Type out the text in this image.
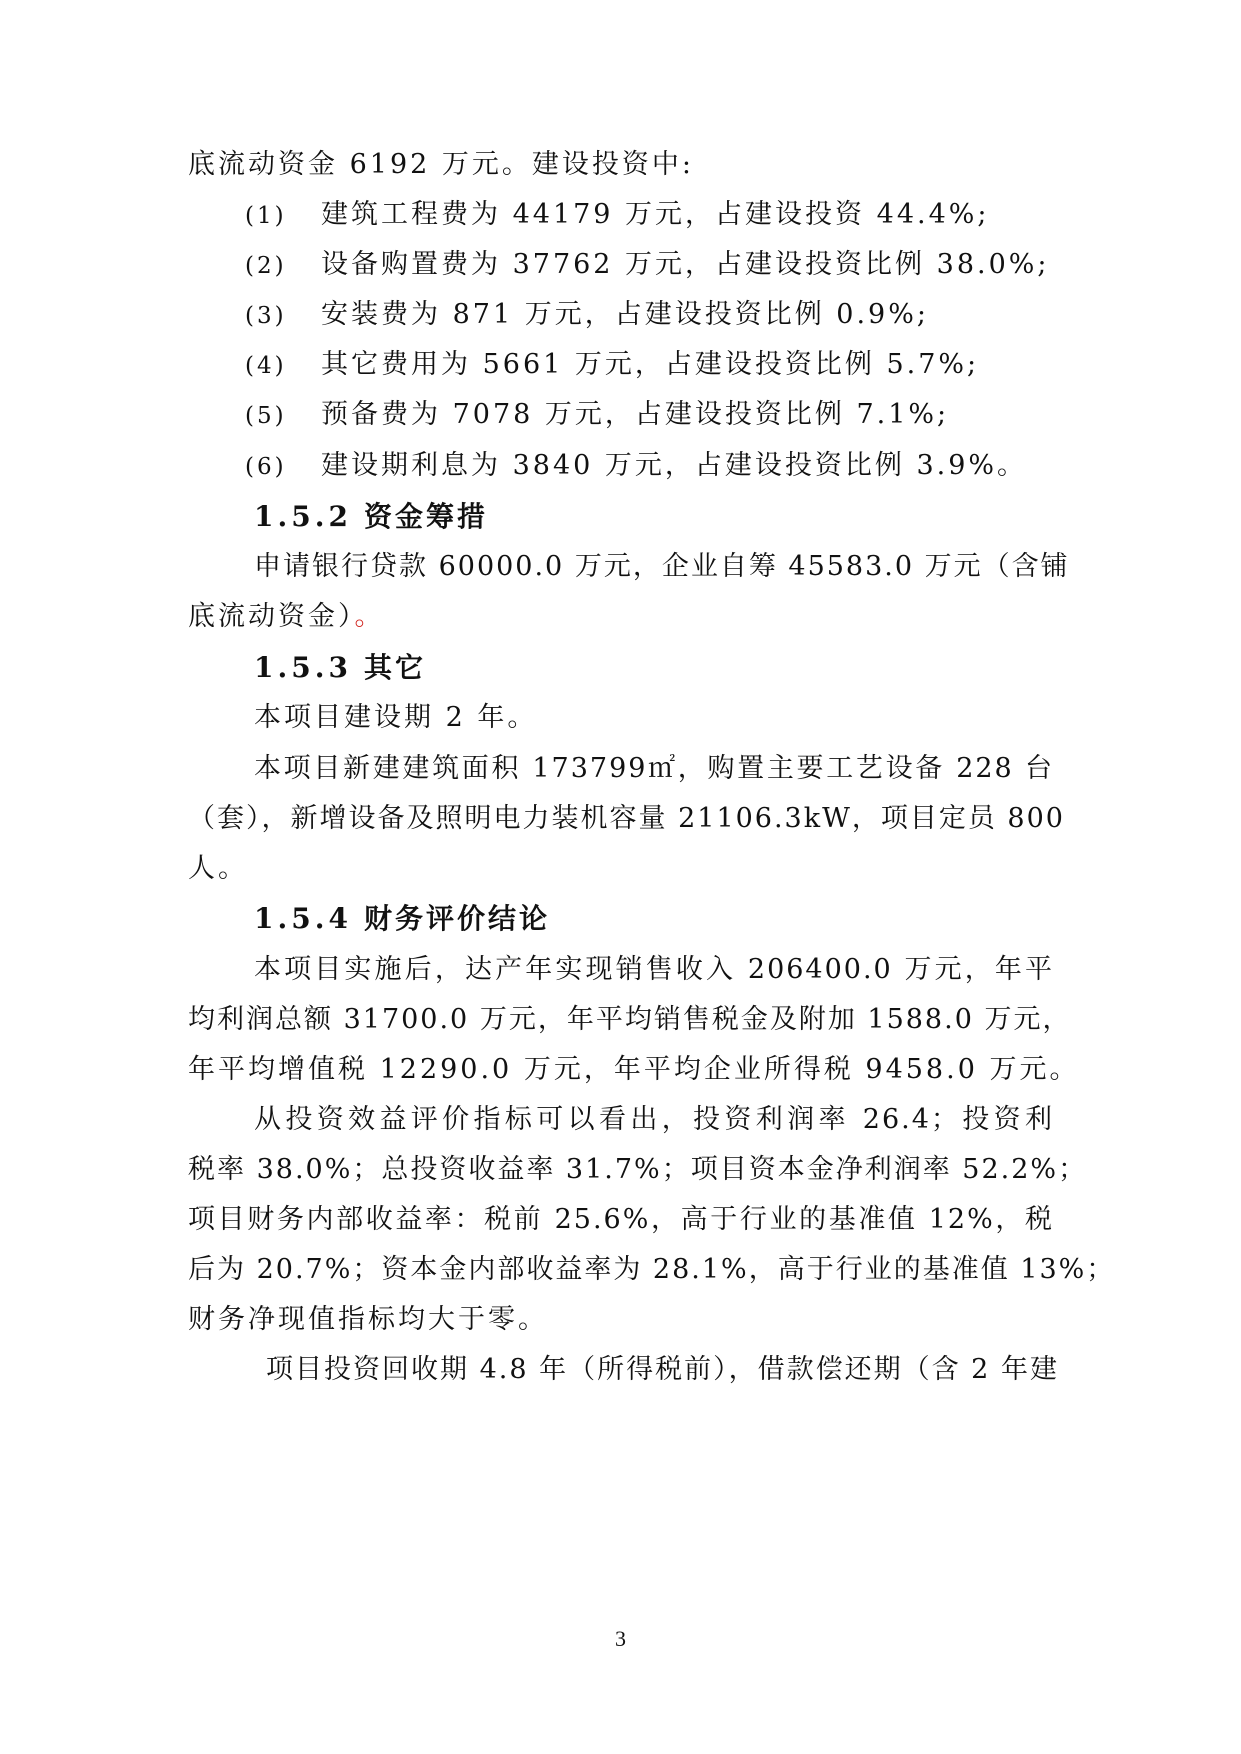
底流动资金 6192 万元。建设投资中:
(1) 建筑工程费为 44179 万元，占建设投资 44.4%;
(2) 设备购置费为 37762 万元，占建设投资比例 38.0%;
(3) 安装费为 871 万元，占建设投资比例 0.9%;
(4) 其它费用为 5661 万元，占建设投资比例 5.7%;
(5) 预备费为 7078 万元，占建设投资比例 7.1%;
(6) 建设期利息为 3840 万元，占建设投资比例 3.9%。
1.5.2 资金筹措
申请银行贷款 60000.0 万元，企业自筹 45583.0 万元（含铺
底流动资金）。
1.5.3 其它
本项目建设期 2 年。
本项目新建建筑面积 173799㎡，购置主要工艺设备 228 台
（套），新增设备及照明电力装机容量 21106.3kW，项目定员 800
人。
1.5.4 财务评价结论
本项目实施后，达产年实现销售收入 206400.0 万元，年平
均利润总额 31700.0 万元，年平均销售税金及附加 1588.0 万元，
年平均增值税 12290.0 万元，年平均企业所得税 9458.0 万元。
从投资效益评价指标可以看出，投资利润率 26.4；投资利
税率 38.0%；总投资收益率 31.7%；项目资本金净利润率 52.2%；
项目财务内部收益率：税前 25.6%，高于行业的基准值 12%，税
后为 20.7%；资本金内部收益率为 28.1%，高于行业的基准值 13%；
财务净现值指标均大于零。
项目投资回收期 4.8 年（所得税前），借款偿还期（含 2 年建
3
